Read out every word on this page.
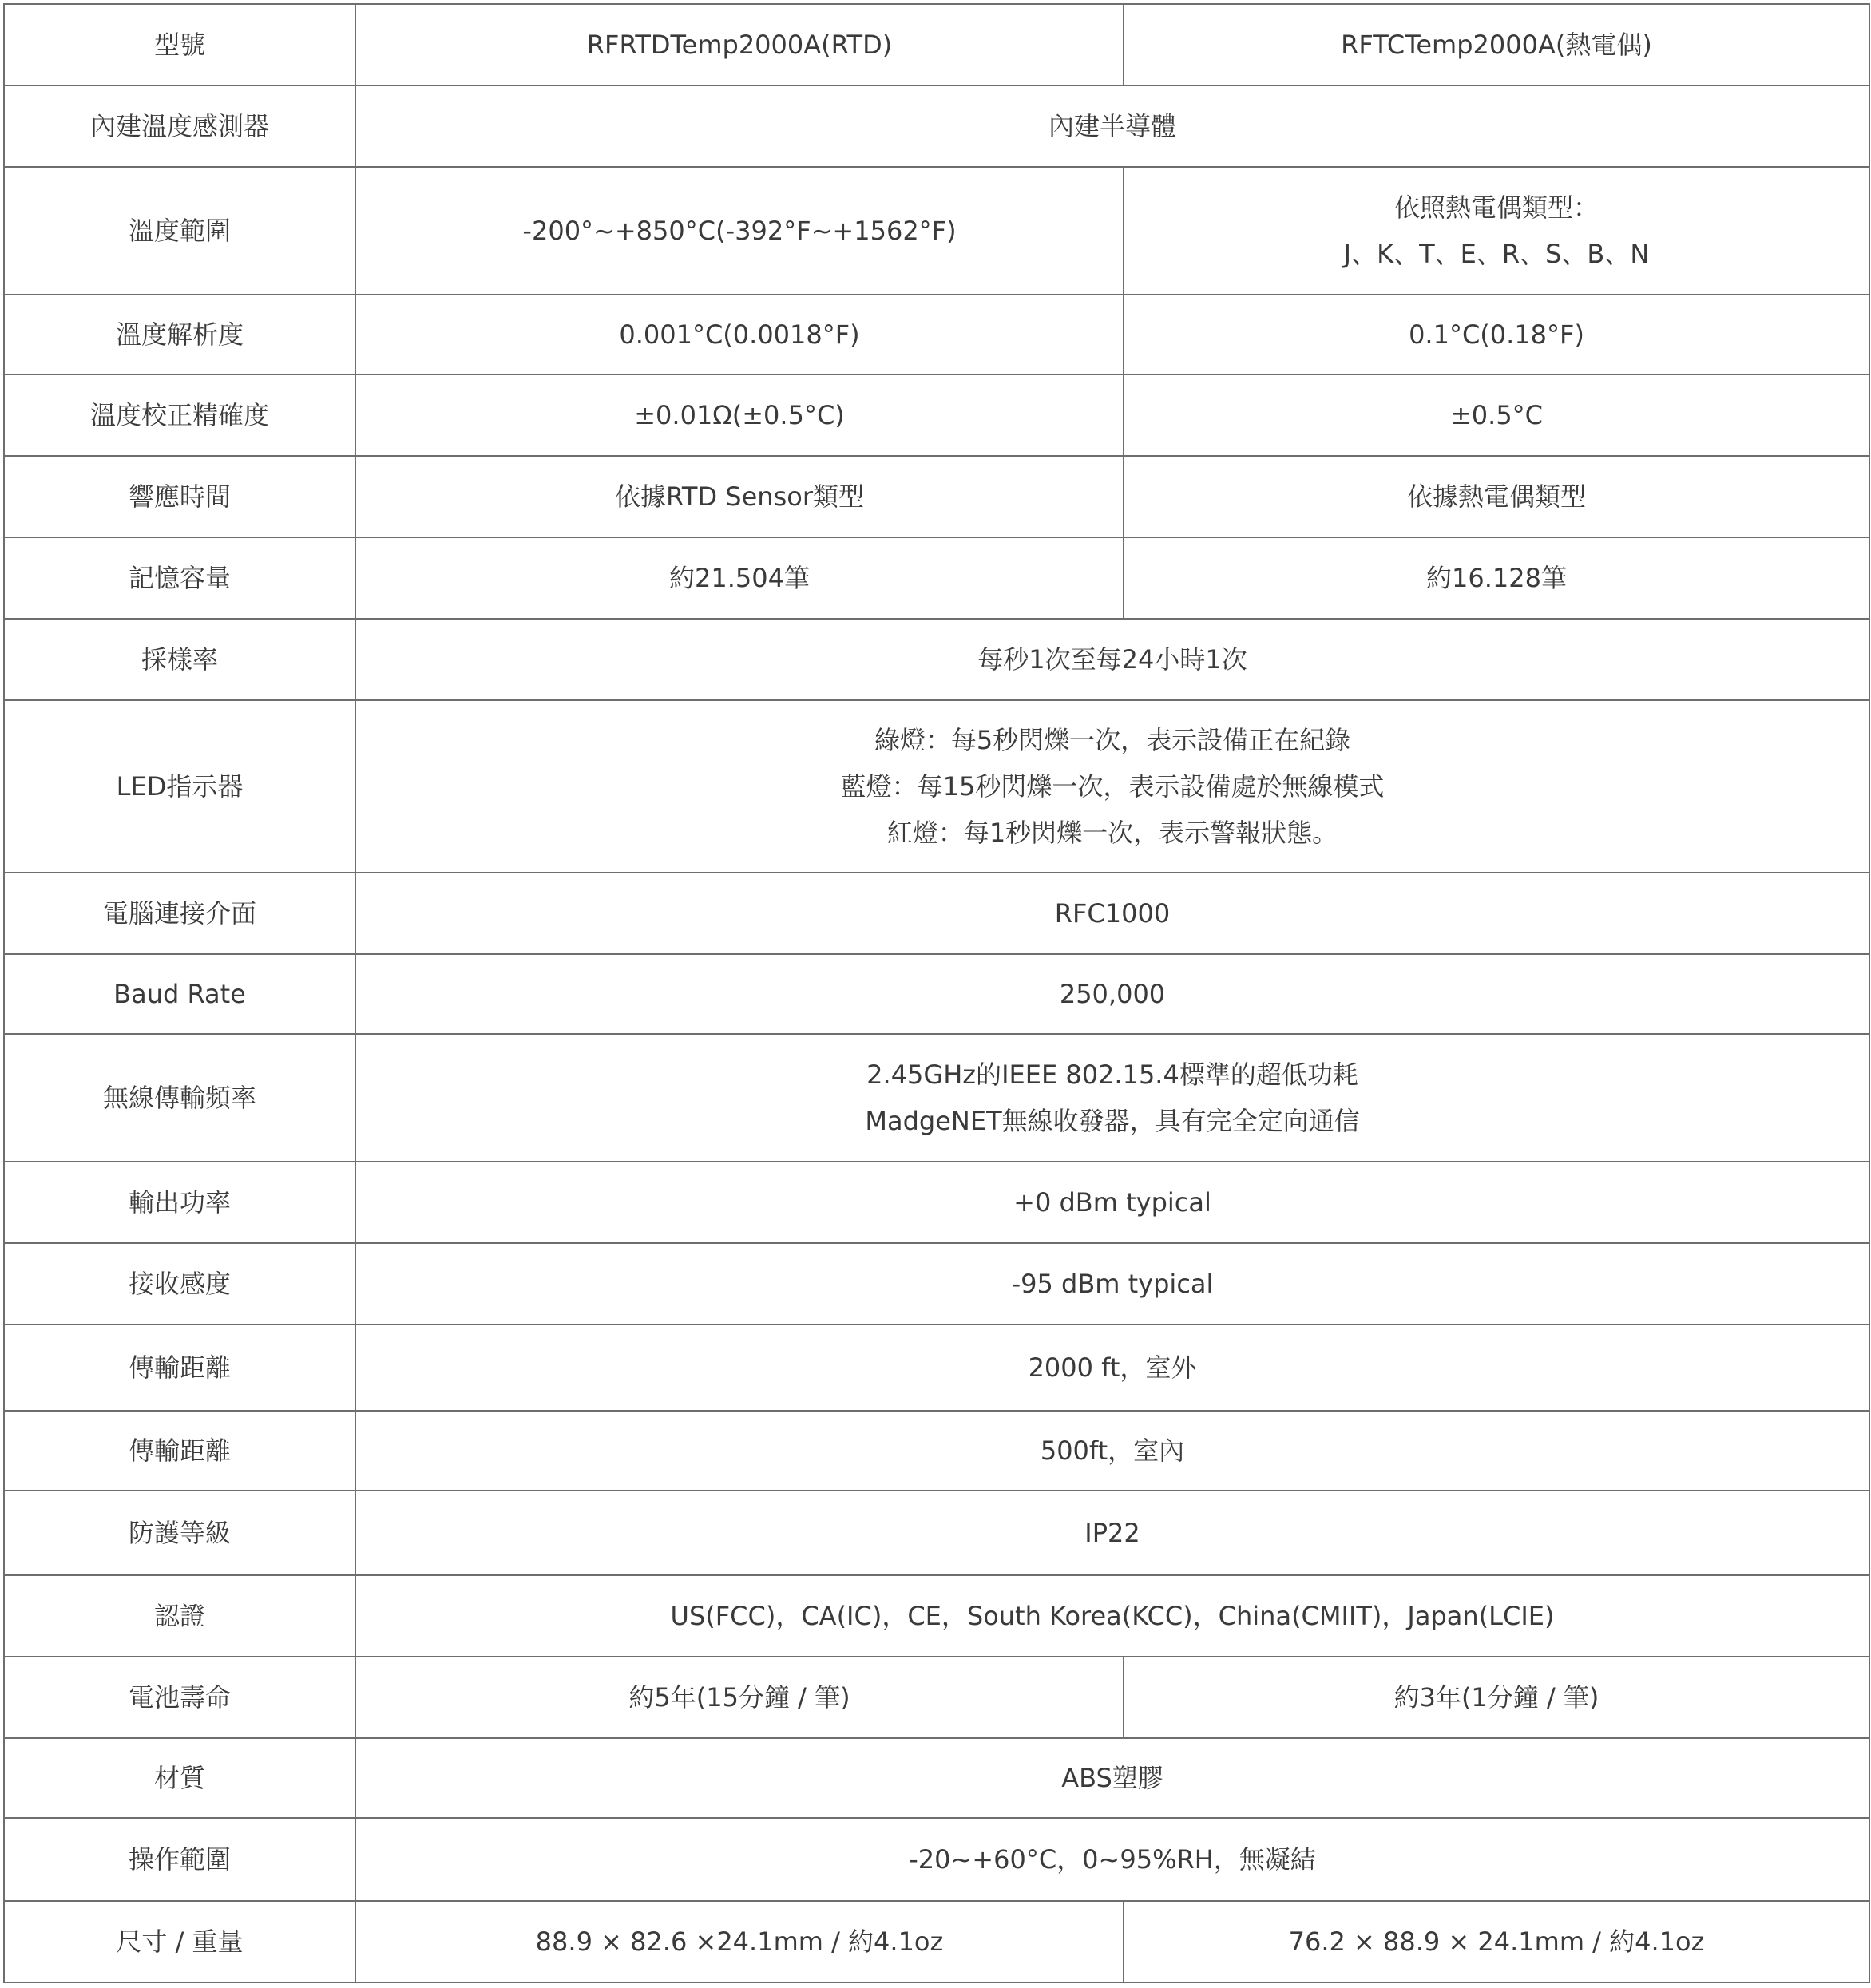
型號	RFRTDTemp2000A(RTD)	RFTCTemp2000A(熱電偶)
內建溫度感測器	內建半導體	
溫度範圍	-200°~+850°C(-392°F~+1562°F)	依照熱電偶類型：
J、K、T、E、R、S、B、N

溫度解析度	0.001°C(0.0018°F)	0.1°C(0.18°F)
溫度校正精確度	±0.01Ω(±0.5°C)	±0.5°C
響應時間	依據RTD Sensor類型	依據熱電偶類型
記憶容量	約21.504筆	約16.128筆
採樣率	每秒1次至每24小時1次	
LED指示器	綠燈：每5秒閃爍一次，表示設備正在紀錄
藍燈：每15秒閃爍一次，表示設備處於無線模式
紅燈：每1秒閃爍一次，表示警報狀態。	

電腦連接介面	RFC1000	
Baud Rate	250,000	
無線傳輸頻率	2.45GHz的IEEE 802.15.4標準的超低功耗
MadgeNET無線收發器，具有完全定向通信	

輸出功率	+0 dBm typical	
接收感度	-95 dBm typical	
傳輸距離	2000 ft，室外	
傳輸距離	500ft，室內	
防護等級	IP22	
認證	US(FCC)，CA(IC)，CE，South Korea(KCC)，China(CMIIT)，Japan(LCIE)	
電池壽命	約5年(15分鐘 / 筆)	約3年(1分鐘 / 筆)
材質	ABS塑膠	
操作範圍	-20~+60°C，0~95%RH，無凝結	
尺寸 / 重量	88.9 × 82.6 ×24.1mm / 約4.1oz	76.2 × 88.9 × 24.1mm / 約4.1oz
